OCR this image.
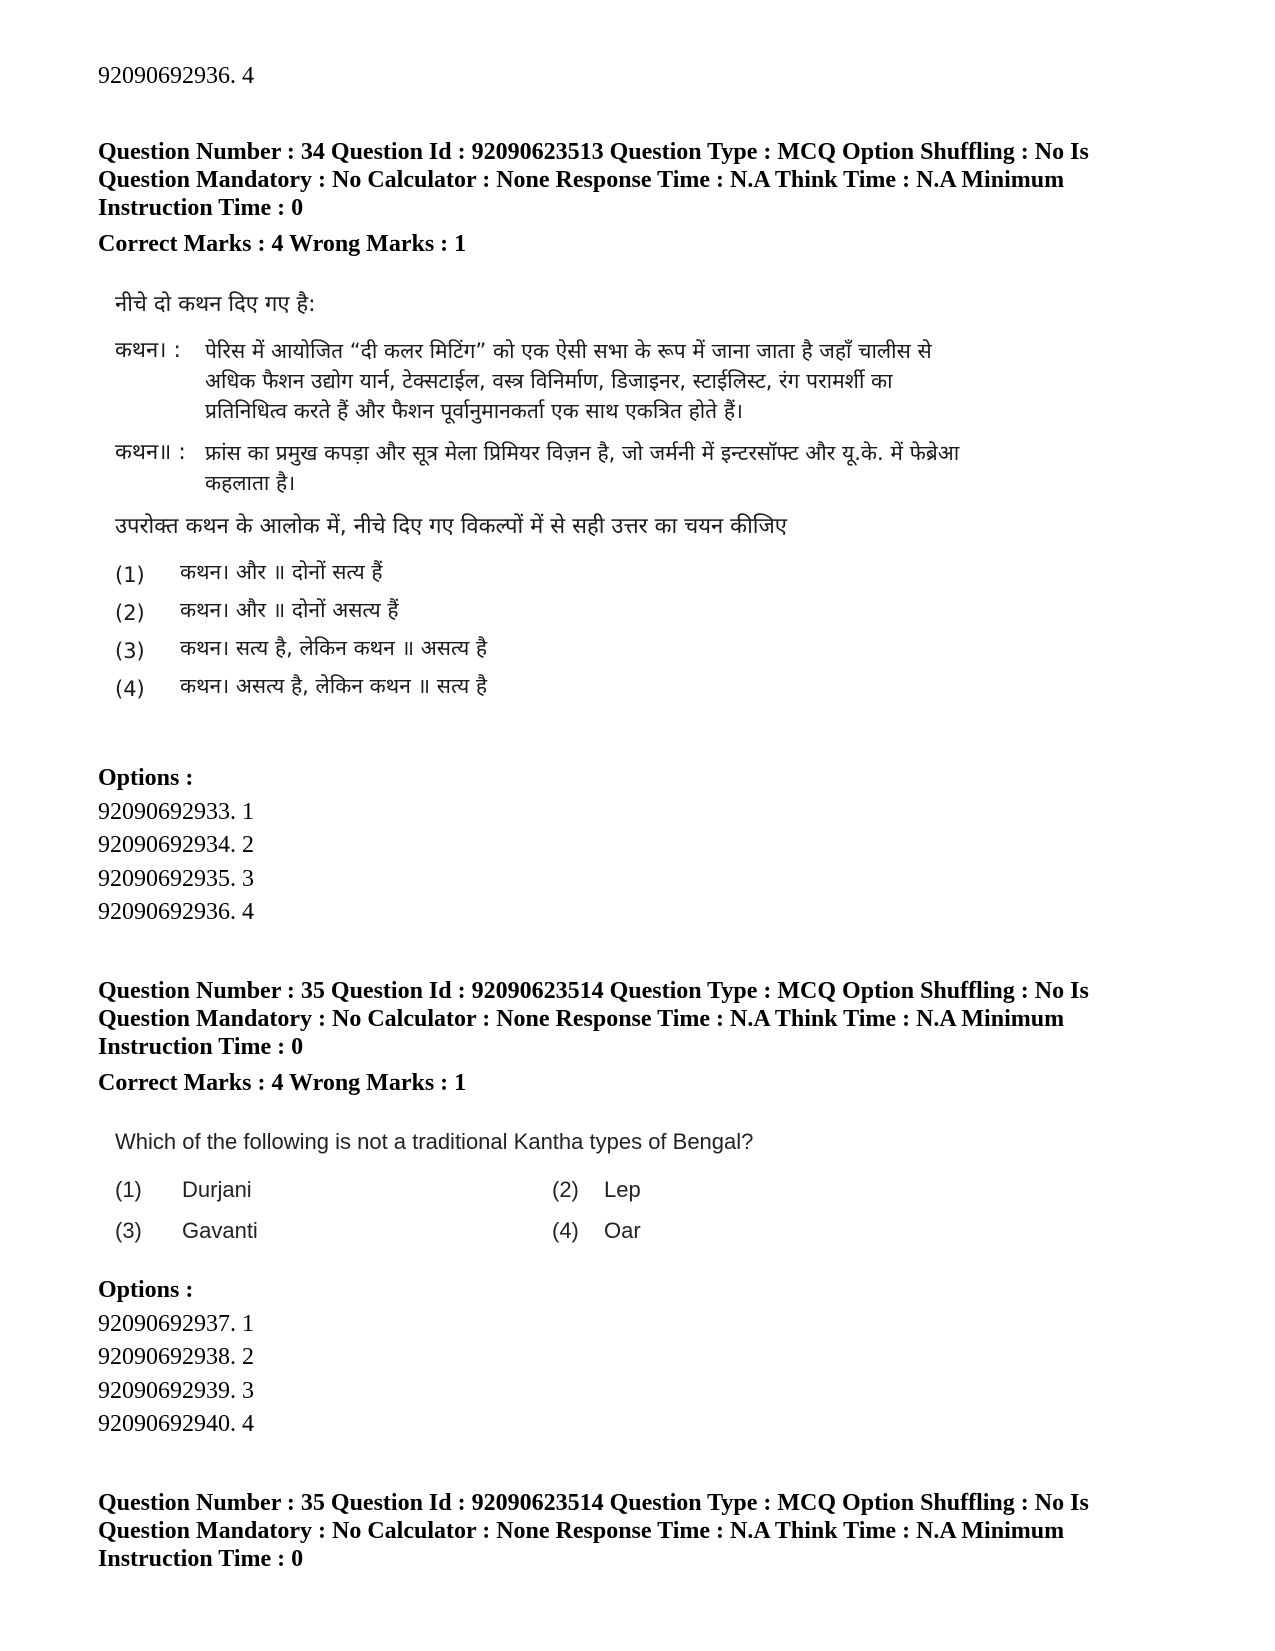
92090692936. 4
Question Number : 34 Question Id : 92090623513 Question Type : MCQ Option Shuffling : No Is Question Mandatory : No Calculator : None Response Time : N.A Think Time : N.A Minimum Instruction Time : 0
Correct Marks : 4 Wrong Marks : 1
नीचे दो कथन दिए गए है:
कथन। : पेरिस में आयोजित “दी कलर मिटिंग” को एक ऐसी सभा के रूप में जाना जाता है जहाँ चालीस से अधिक फैशन उद्योग यार्न, टेक्सटाईल, वस्त्र विनिर्माण, डिजाइनर, स्टाईलिस्ट, रंग परामर्शी का प्रतिनिधित्व करते हैं और फैशन पूर्वानुमानकर्ता एक साथ एकत्रित होते हैं।
कथन॥ : फ्रांस का प्रमुख कपड़ा और सूत्र मेला प्रिमियर विज़न है, जो जर्मनी में इन्टरसॉफ्ट और यू.के. में फेब्रेआ कहलाता है।
उपरोक्त कथन के आलोक में, नीचे दिए गए विकल्पों में से सही उत्तर का चयन कीजिए
(1) कथन। और ॥ दोनों सत्य हैं
(2) कथन। और ॥ दोनों असत्य हैं
(3) कथन। सत्य है, लेकिन कथन ॥ असत्य है
(4) कथन। असत्य है, लेकिन कथन ॥ सत्य है
Options :
92090692933. 1
92090692934. 2
92090692935. 3
92090692936. 4
Question Number : 35 Question Id : 92090623514 Question Type : MCQ Option Shuffling : No Is Question Mandatory : No Calculator : None Response Time : N.A Think Time : N.A Minimum Instruction Time : 0
Correct Marks : 4 Wrong Marks : 1
Which of the following is not a traditional Kantha types of Bengal?
(1) Durjani	(2) Lep
(3) Gavanti	(4) Oar
Options :
92090692937. 1
92090692938. 2
92090692939. 3
92090692940. 4
Question Number : 35 Question Id : 92090623514 Question Type : MCQ Option Shuffling : No Is Question Mandatory : No Calculator : None Response Time : N.A Think Time : N.A Minimum Instruction Time : 0
